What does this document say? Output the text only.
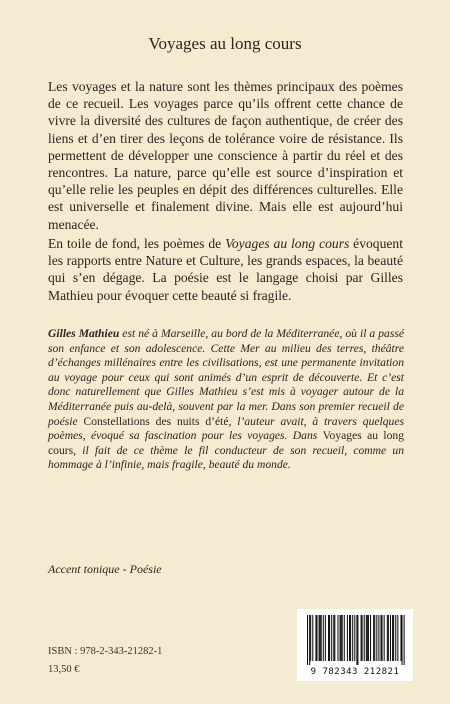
Voyages au long cours
Les voyages et la nature sont les thèmes principaux des poèmes de ce recueil. Les voyages parce qu’ils offrent cette chance de vivre la diversité des cultures de façon authentique, de créer des liens et d’en tirer des leçons de tolérance voire de résistance. Ils permettent de développer une conscience à partir du réel et des rencontres. La nature, parce qu’elle est source d’inspiration et qu’elle relie les peuples en dépit des différences culturelles. Elle est universelle et finalement divine. Mais elle est aujourd’hui menacée.
En toile de fond, les poèmes de Voyages au long cours évoquent les rapports entre Nature et Culture, les grands espaces, la beauté qui s’en dégage. La poésie est le langage choisi par Gilles Mathieu pour évoquer cette beauté si fragile.
Gilles Mathieu est né à Marseille, au bord de la Méditerranée, où il a passé son enfance et son adolescence. Cette Mer au milieu des terres, théâtre d’échanges millénaires entre les civilisations, est une permanente invitation au voyage pour ceux qui sont animés d’un esprit de découverte. Et c’est donc naturellement que Gilles Mathieu s’est mis à voyager autour de la Méditerranée puis au-delà, souvent par la mer. Dans son premier recueil de poésie Constellations des nuits d’été, l’auteur avait, à travers quelques poèmes, évoqué sa fascination pour les voyages. Dans Voyages au long cours, il fait de ce thème le fil conducteur de son recueil, comme un hommage à l’infinie, mais fragile, beauté du monde.
Accent tonique - Poésie
ISBN : 978-2-343-21282-1
13,50 €	9 782343 212821
